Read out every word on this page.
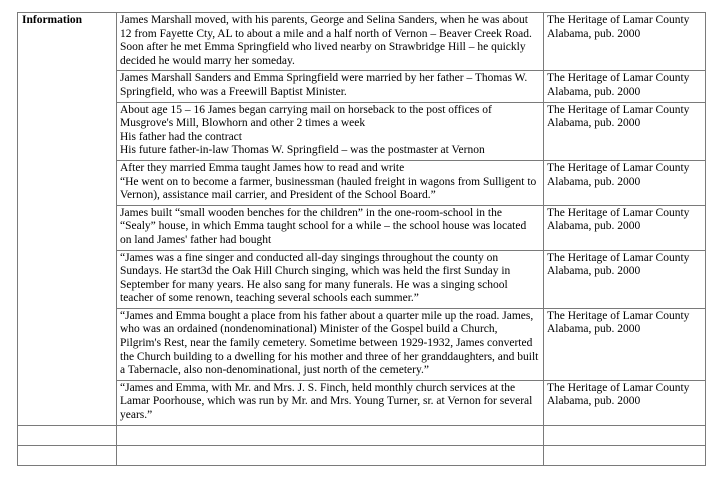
Information	James Marshall moved, with his parents, George and Selina Sanders, when he was about 12 from Fayette Cty, AL to about a mile and a half north of Vernon – Beaver Creek Road.
Soon after he met Emma Springfield who lived nearby on Strawbridge Hill – he quickly decided he would marry her someday.	The Heritage of Lamar County Alabama, pub. 2000

	James Marshall Sanders and Emma Springfield were married by her father – Thomas W. Springfield, who was a Freewill Baptist Minister.	The Heritage of Lamar County Alabama, pub. 2000

	About age 15 – 16 James began carrying mail on horseback to the post offices of Musgrove's Mill, Blowhorn and other 2 times a week
His father had the contract
His future father-in-law Thomas W. Springfield – was the postmaster at Vernon	The Heritage of Lamar County Alabama, pub. 2000

	After they married Emma taught James how to read and write
“He went on to become a farmer, businessman (hauled freight in wagons from Sulligent to Vernon), assistance mail carrier, and President of the School Board.”	The Heritage of Lamar County Alabama, pub. 2000

	James built “small wooden benches for the children” in the one-room-school in the “Sealy” house, in which Emma taught school for a while – the school house was located on land James' father had bought	The Heritage of Lamar County Alabama, pub. 2000

	“James was a fine singer and conducted all-day singings throughout the county on Sundays. He start3d the Oak Hill Church singing, which was held the first Sunday in September for many years. He also sang for many funerals. He was a singing school teacher of some renown, teaching several schools each summer.”	The Heritage of Lamar County Alabama, pub. 2000

	“James and Emma bought a place from his father about a quarter mile up the road. James, who was an ordained (nondenominational) Minister of the Gospel build a Church, Pilgrim's Rest, near the family cemetery. Sometime between 1929-1932, James converted the Church building to a dwelling for his mother and three of her granddaughters, and built a Tabernacle, also non-denominational, just north of the cemetery.”	The Heritage of Lamar County Alabama, pub. 2000

	“James and Emma, with Mr. and Mrs. J. S. Finch, held monthly church services at the Lamar Poorhouse, which was run by Mr. and Mrs. Young Turner, sr. at Vernon for several years.”	The Heritage of Lamar County Alabama, pub. 2000
